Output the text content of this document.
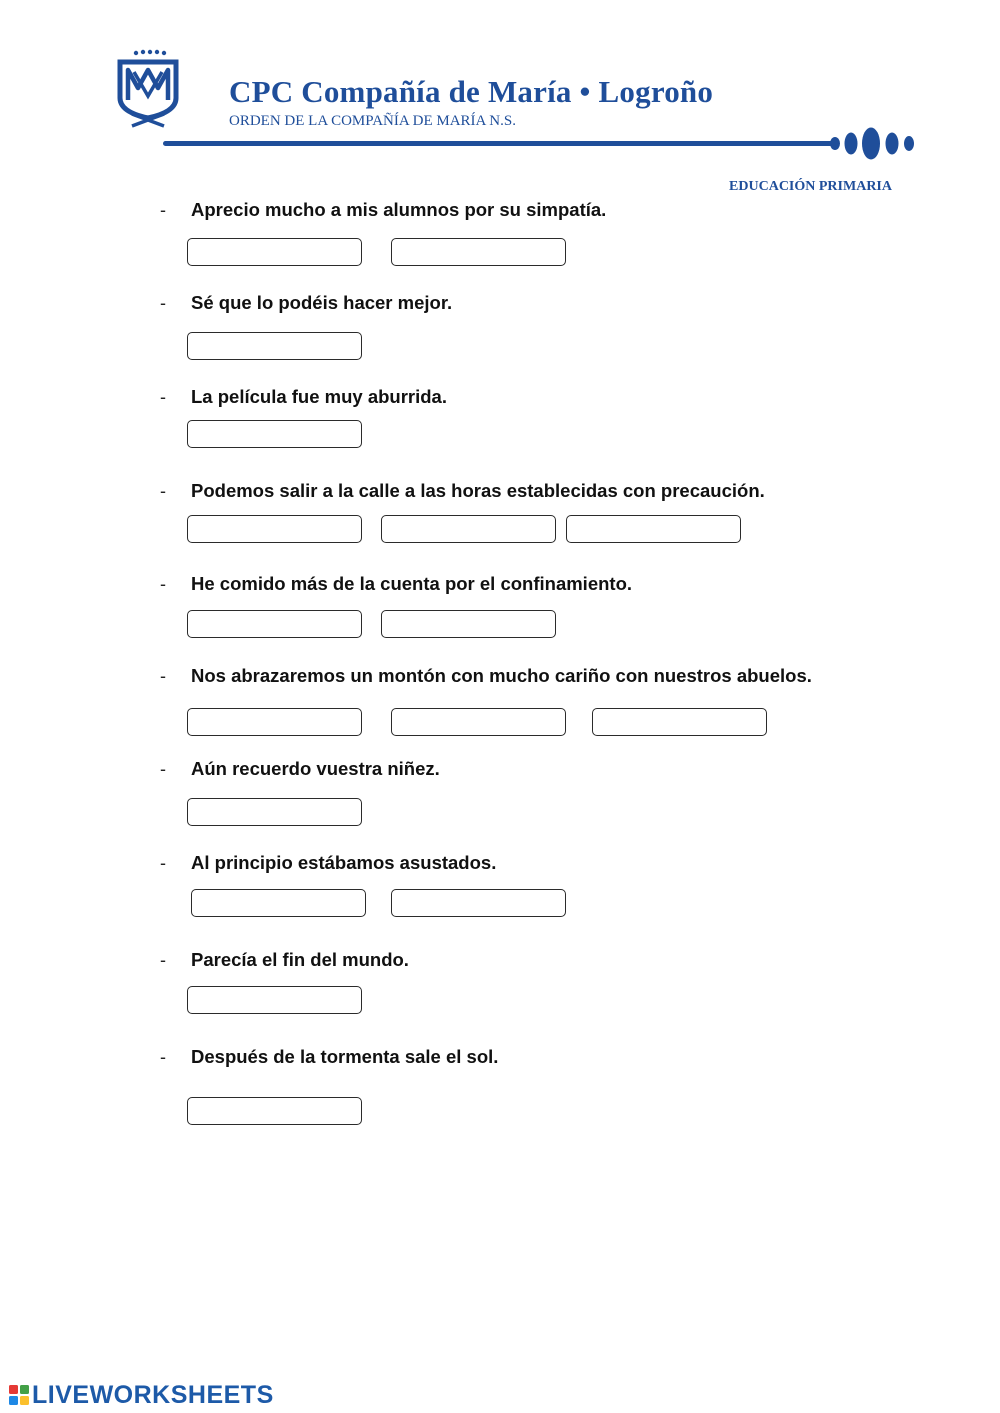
CPC Compañía de María • Logroño
ORDEN DE LA COMPAÑÍA DE MARÍA N.S.
EDUCACIÓN PRIMARIA
- Aprecio mucho a mis alumnos por su simpatía.
- Sé que lo podéis hacer mejor.
- La película fue muy aburrida.
- Podemos salir a la calle a las horas establecidas con precaución.
- He comido más de la cuenta por el confinamiento.
- Nos abrazaremos un montón con mucho cariño con nuestros abuelos.
- Aún recuerdo vuestra niñez.
- Al principio estábamos asustados.
- Parecía el fin del mundo.
- Después de la tormenta sale el sol.
LIVEWORKSHEETS
